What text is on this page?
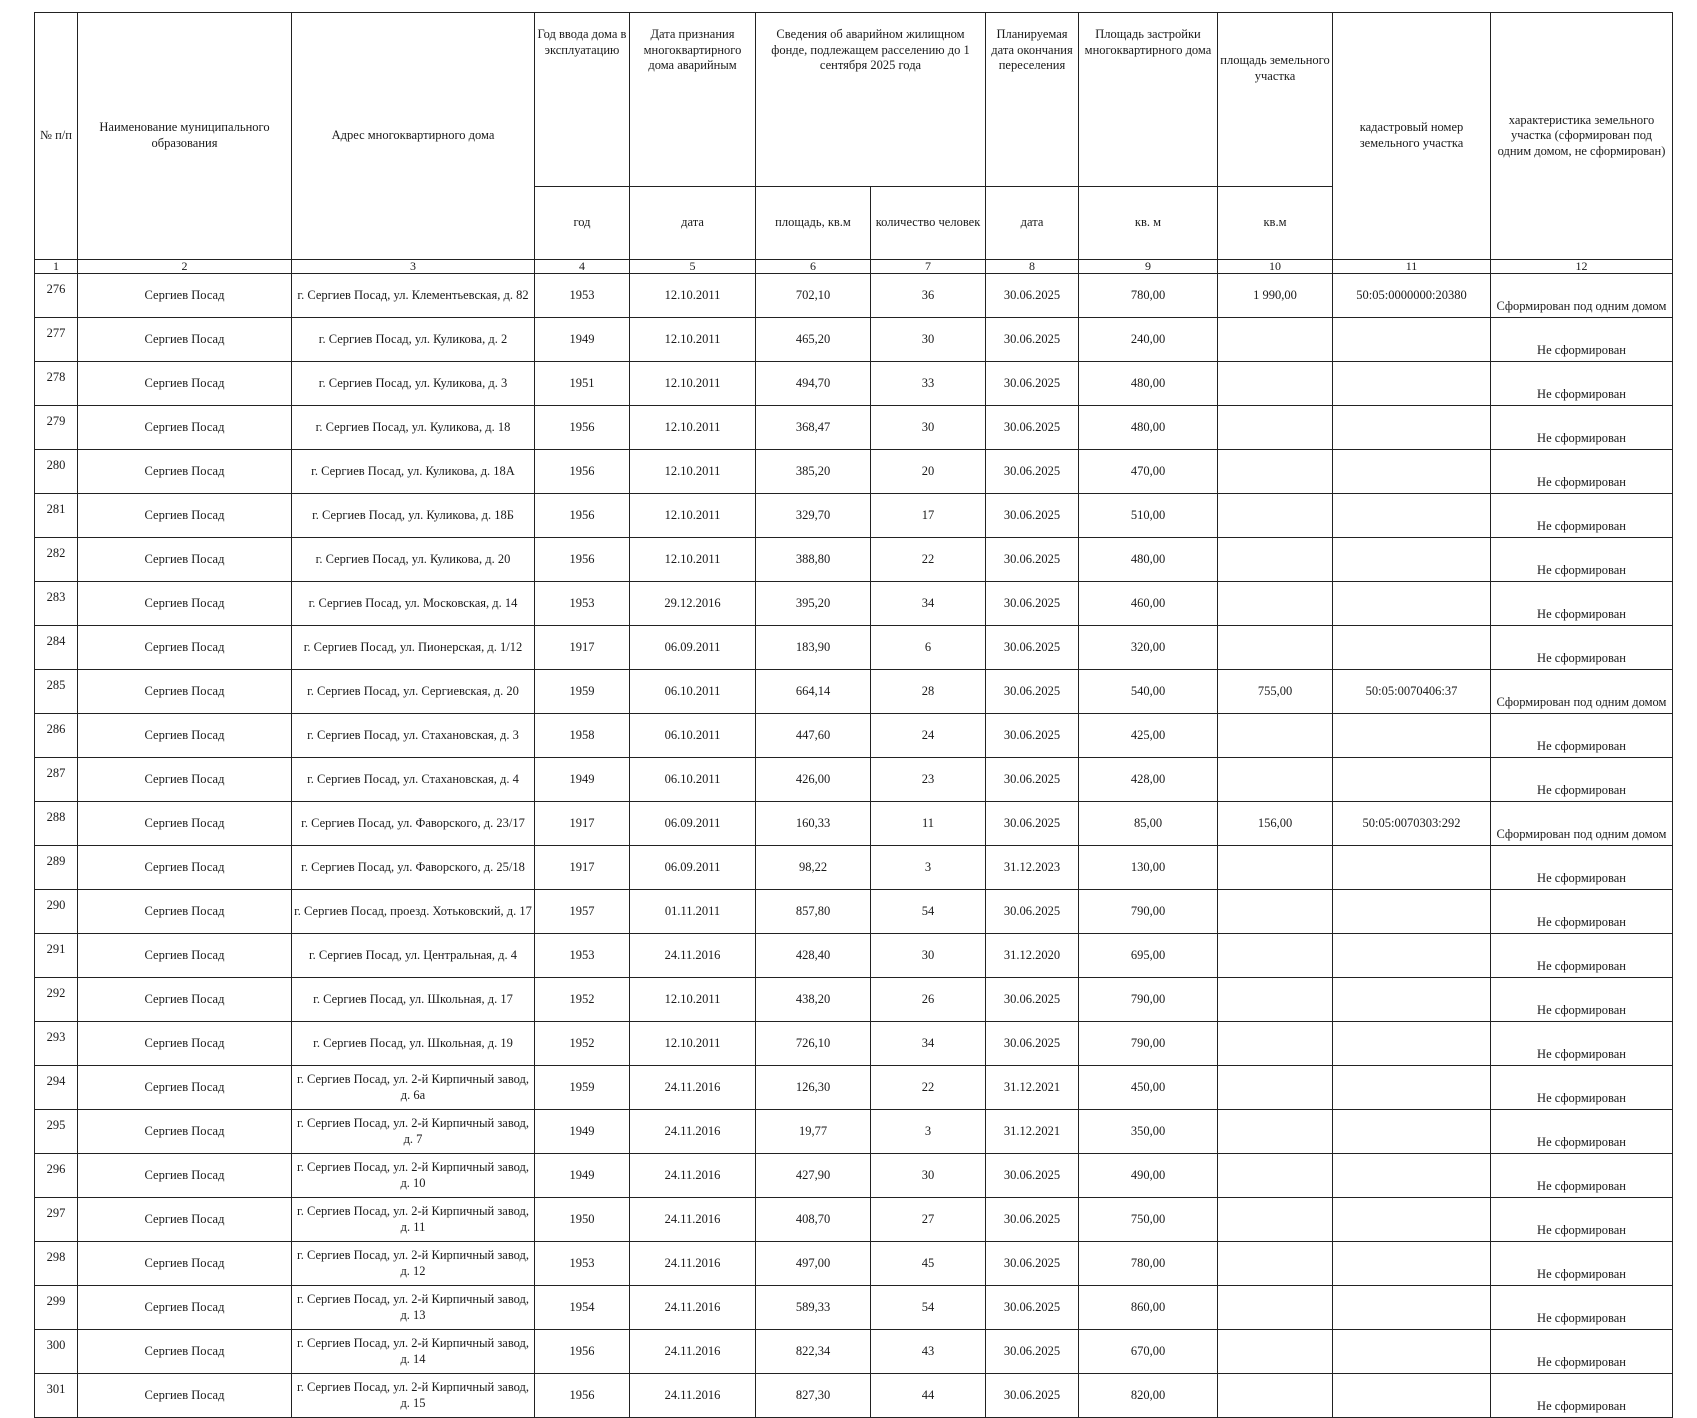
№ п/п	Наименование муниципального образования	Адрес многоквартирного дома	Год ввода дома в эксплуатацию	Дата признания многоквартирного дома аварийным	Сведения об аварийном жилищном фонде, подлежащем расселению до 1 сентября 2025 года		Планируемая дата окончания переселения	Площадь застройки многоквартирного дома	площадь земельного участка	кадастровый номер земельного участка	характеристика земельного участка (сформирован под одним домом, не сформирован)
			год	дата	площадь, кв.м	количество человек	дата	кв. м	кв.м		
1	2	3	4	5	6	7	8	9	10	11	12
276	Сергиев Посад	г. Сергиев Посад, ул. Клементьевская, д. 82	1953	12.10.2011	702,10	36	30.06.2025	780,00	1 990,00	50:05:0000000:20380	Сформирован под одним домом
277	Сергиев Посад	г. Сергиев Посад, ул. Куликова, д. 2	1949	12.10.2011	465,20	30	30.06.2025	240,00			Не сформирован
278	Сергиев Посад	г. Сергиев Посад, ул. Куликова, д. 3	1951	12.10.2011	494,70	33	30.06.2025	480,00			Не сформирован
279	Сергиев Посад	г. Сергиев Посад, ул. Куликова, д. 18	1956	12.10.2011	368,47	30	30.06.2025	480,00			Не сформирован
280	Сергиев Посад	г. Сергиев Посад, ул. Куликова, д. 18А	1956	12.10.2011	385,20	20	30.06.2025	470,00			Не сформирован
281	Сергиев Посад	г. Сергиев Посад, ул. Куликова, д. 18Б	1956	12.10.2011	329,70	17	30.06.2025	510,00			Не сформирован
282	Сергиев Посад	г. Сергиев Посад, ул. Куликова, д. 20	1956	12.10.2011	388,80	22	30.06.2025	480,00			Не сформирован
283	Сергиев Посад	г. Сергиев Посад, ул. Московская, д. 14	1953	29.12.2016	395,20	34	30.06.2025	460,00			Не сформирован
284	Сергиев Посад	г. Сергиев Посад, ул. Пионерская, д. 1/12	1917	06.09.2011	183,90	6	30.06.2025	320,00			Не сформирован
285	Сергиев Посад	г. Сергиев Посад, ул. Сергиевская, д. 20	1959	06.10.2011	664,14	28	30.06.2025	540,00	755,00	50:05:0070406:37	Сформирован под одним домом
286	Сергиев Посад	г. Сергиев Посад, ул. Стахановская, д. 3	1958	06.10.2011	447,60	24	30.06.2025	425,00			Не сформирован
287	Сергиев Посад	г. Сергиев Посад, ул. Стахановская, д. 4	1949	06.10.2011	426,00	23	30.06.2025	428,00			Не сформирован
288	Сергиев Посад	г. Сергиев Посад, ул. Фаворского, д. 23/17	1917	06.09.2011	160,33	11	30.06.2025	85,00	156,00	50:05:0070303:292	Сформирован под одним домом
289	Сергиев Посад	г. Сергиев Посад, ул. Фаворского, д. 25/18	1917	06.09.2011	98,22	3	31.12.2023	130,00			Не сформирован
290	Сергиев Посад	г. Сергиев Посад, проезд. Хотьковский, д. 17	1957	01.11.2011	857,80	54	30.06.2025	790,00			Не сформирован
291	Сергиев Посад	г. Сергиев Посад, ул. Центральная, д. 4	1953	24.11.2016	428,40	30	31.12.2020	695,00			Не сформирован
292	Сергиев Посад	г. Сергиев Посад, ул. Школьная, д. 17	1952	12.10.2011	438,20	26	30.06.2025	790,00			Не сформирован
293	Сергиев Посад	г. Сергиев Посад, ул. Школьная, д. 19	1952	12.10.2011	726,10	34	30.06.2025	790,00			Не сформирован
294	Сергиев Посад	г. Сергиев Посад, ул. 2-й Кирпичный завод, д. 6а	1959	24.11.2016	126,30	22	31.12.2021	450,00			Не сформирован
295	Сергиев Посад	г. Сергиев Посад, ул. 2-й Кирпичный завод, д. 7	1949	24.11.2016	19,77	3	31.12.2021	350,00			Не сформирован
296	Сергиев Посад	г. Сергиев Посад, ул. 2-й Кирпичный завод, д. 10	1949	24.11.2016	427,90	30	30.06.2025	490,00			Не сформирован
297	Сергиев Посад	г. Сергиев Посад, ул. 2-й Кирпичный завод, д. 11	1950	24.11.2016	408,70	27	30.06.2025	750,00			Не сформирован
298	Сергиев Посад	г. Сергиев Посад, ул. 2-й Кирпичный завод, д. 12	1953	24.11.2016	497,00	45	30.06.2025	780,00			Не сформирован
299	Сергиев Посад	г. Сергиев Посад, ул. 2-й Кирпичный завод, д. 13	1954	24.11.2016	589,33	54	30.06.2025	860,00			Не сформирован
300	Сергиев Посад	г. Сергиев Посад, ул. 2-й Кирпичный завод, д. 14	1956	24.11.2016	822,34	43	30.06.2025	670,00			Не сформирован
301	Сергиев Посад	г. Сергиев Посад, ул. 2-й Кирпичный завод, д. 15	1956	24.11.2016	827,30	44	30.06.2025	820,00			Не сформирован
